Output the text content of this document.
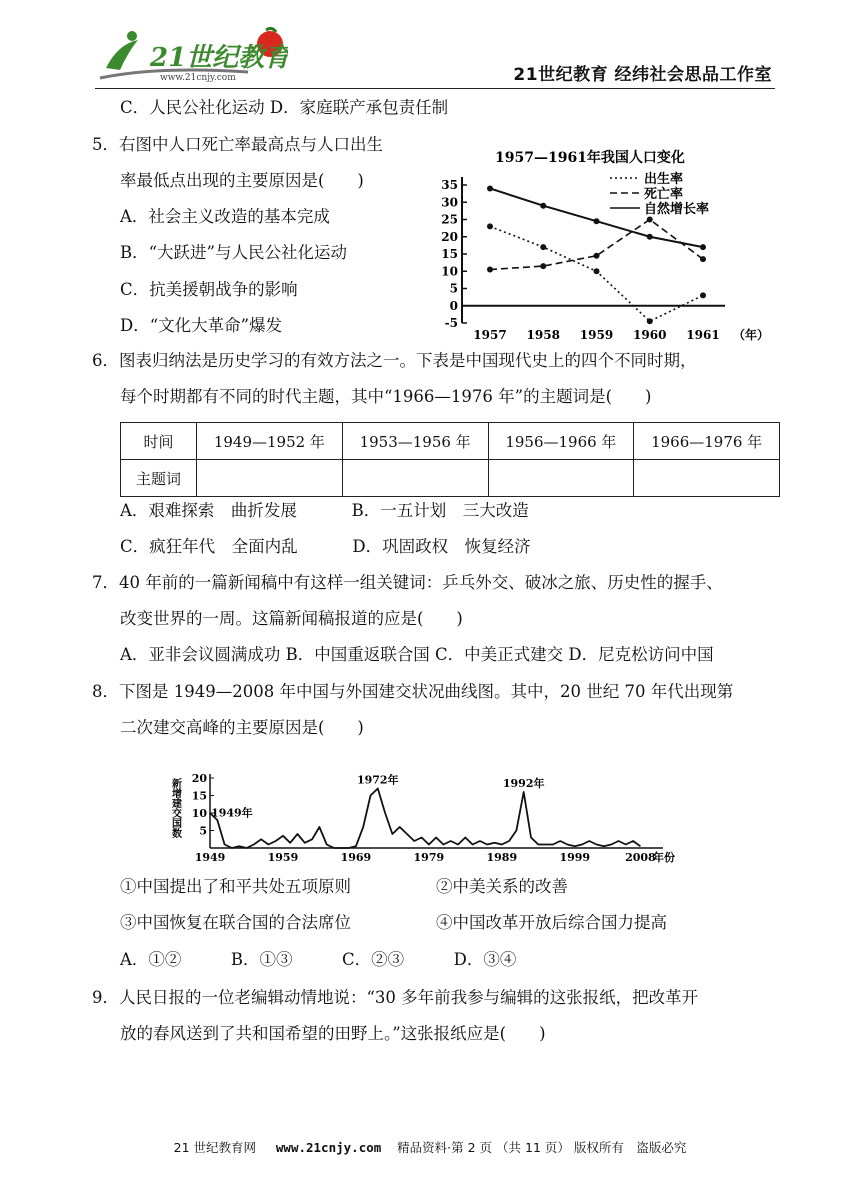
21世纪教育
www.21cnjy.com	21世纪教育 经纬社会思品工作室
C．人民公社化运动 D．家庭联产承包责任制
5．右图中人口死亡率最高点与人口出生
率最低点出现的主要原因是(　　)
A．社会主义改造的基本完成
B．“大跃进”与人民公社化运动
C．抗美援朝战争的影响
D．“文化大革命”爆发
1957—1961年我国人口变化
-5
0
5
10
15
20
25
30
35
1957 1958 1959 1960 1961 （年）
出生率
死亡率
自然增长率
6．图表归纳法是历史学习的有效方法之一。下表是中国现代史上的四个不同时期，
每个时期都有不同的时代主题，其中“1966—1976 年”的主题词是(　　)
时间	1949—1952 年	1953—1956 年	1956—1966 年	1966—1976 年
主题词				
A．艰难探索　曲折发展　　　 B．一五计划　三大改造
C．疯狂年代　全面内乱　　　 D．巩固政权　恢复经济
7．40 年前的一篇新闻稿中有这样一组关键词：乒乓外交、破冰之旅、历史性的握手、
改变世界的一周。这篇新闻稿报道的应是(　　)
A．亚非会议圆满成功 B．中国重返联合国 C．中美正式建交 D．尼克松访问中国
8．下图是 1949—2008 年中国与外国建交状况曲线图。其中，20 世纪 70 年代出现第
二次建交高峰的主要原因是(　　)
新增建交国数 5
10
15
20
1949	1959	1969	1979	1989	1999	2008
年份
1949年
1972年	1992年
①中国提出了和平共处五项原则	②中美关系的改善
③中国恢复在联合国的合法席位	④中国改革开放后综合国力提高
A．①②　　　B．①③　　　C．②③　　　D．③④
9．人民日报的一位老编辑动情地说：“30 多年前我参与编辑的这张报纸，把改革开
放的春风送到了共和国希望的田野上。”这张报纸应是(　　)
21 世纪教育网 www.21cnjy.com 精品资料·第 2 页 （共 11 页） 版权所有　盗版必究
